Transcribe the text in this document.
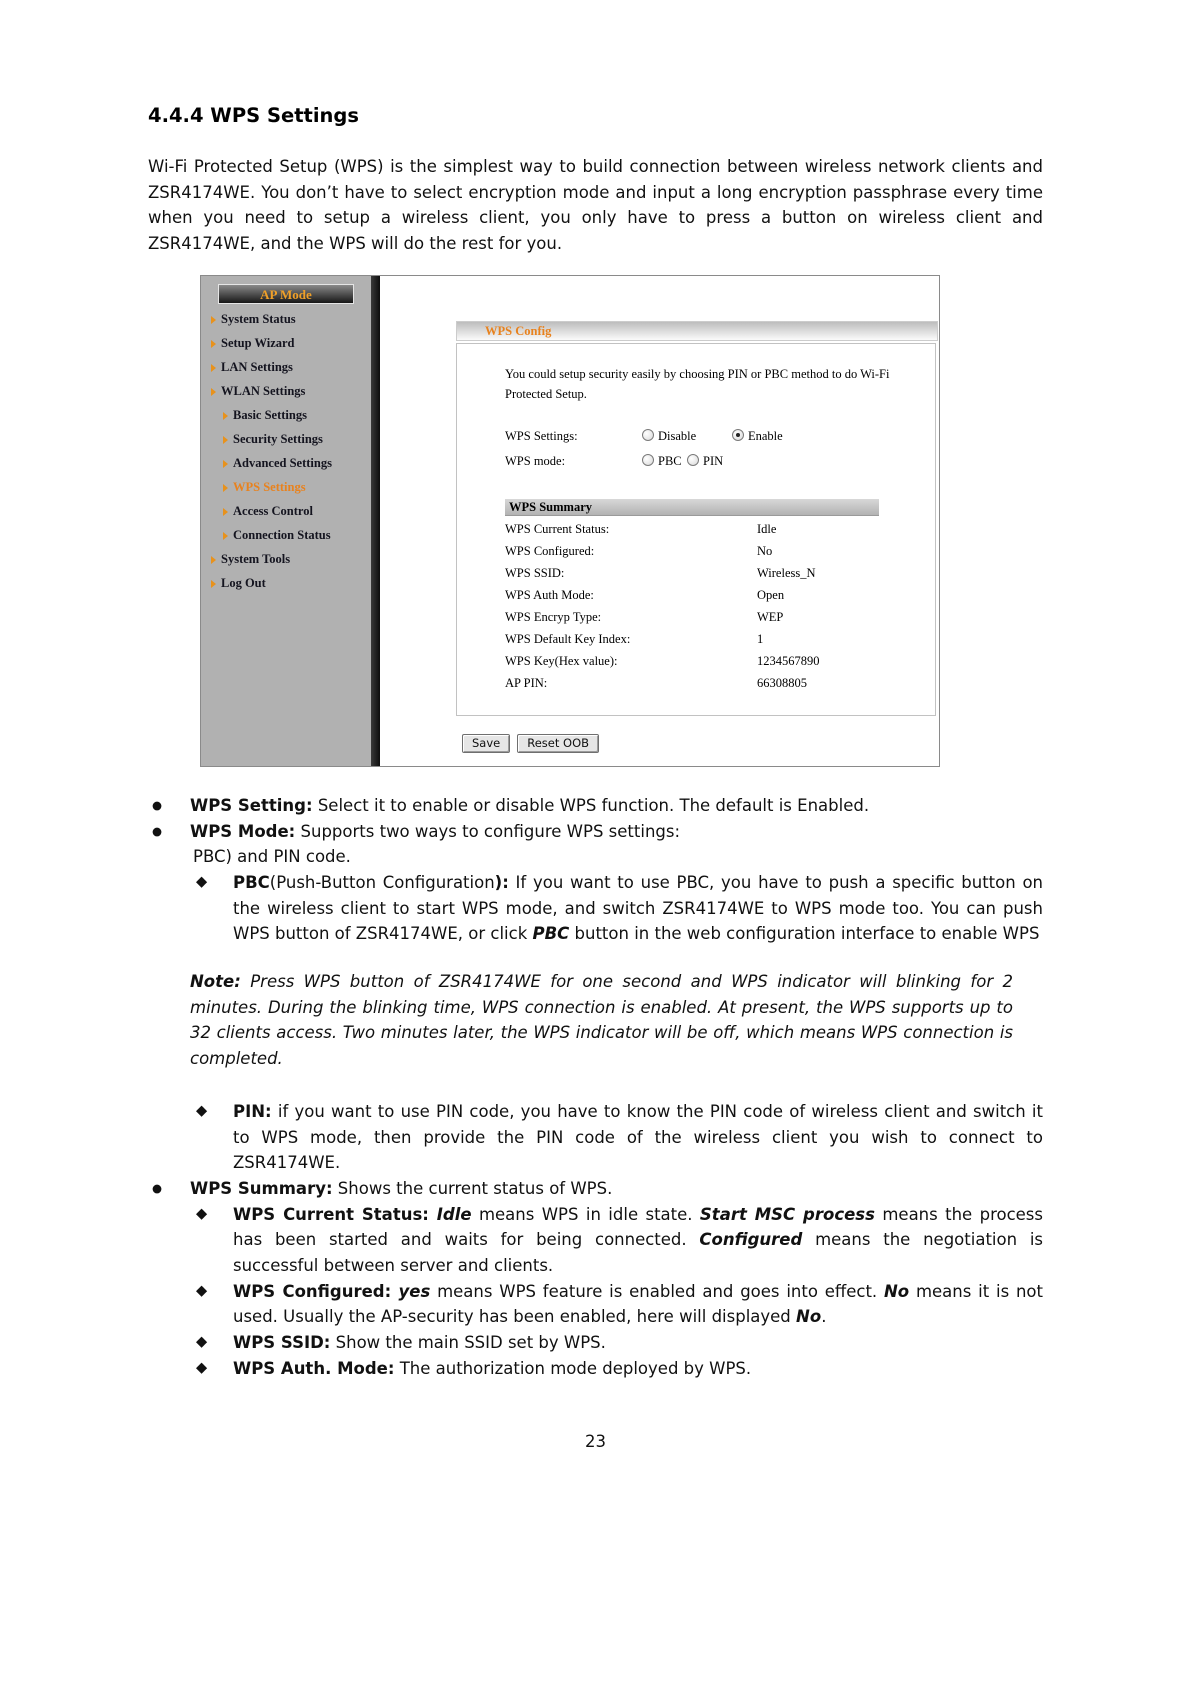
4.4.4 WPS Settings

Wi-Fi Protected Setup (WPS) is the simplest way to build connection between wireless network clients and ZSR4174WE. You don’t have to select encryption mode and input a long encryption passphrase every time when you need to setup a wireless client, you only have to press a button on wireless client and ZSR4174WE, and the WPS will do the rest for you.

AP Mode
System Status
Setup Wizard
LAN Settings
WLAN Settings
Basic Settings
Security Settings
Advanced Settings
WPS Settings
Access Control
Connection Status
System Tools
Log Out
WPS Config
You could setup security easily by choosing PIN or PBC method to do Wi-Fi Protected Setup.
WPS Settings:	Disable	Enable
WPS mode:	PBC PIN
WPS Summary
WPS Current Status:	Idle
WPS Configured:	No
WPS SSID:	Wireless_N
WPS Auth Mode:	Open
WPS Encryp Type:	WEP
WPS Default Key Index:	1
WPS Key(Hex value):	1234567890
AP PIN:	66308805
Save	Reset OOB
●	WPS Setting: Select it to enable or disable WPS function. The default is Enabled.
●	WPS Mode: Supports two ways to configure WPS settings:
PBC) and PIN code.
◆	PBC(Push-Button Configuration): If you want to use PBC, you have to push a specific button on the wireless client to start WPS mode, and switch ZSR4174WE to WPS mode too. You can push WPS button of ZSR4174WE, or click PBC button in the web configuration interface to enable WPS
Note: Press WPS button of ZSR4174WE for one second and WPS indicator will blinking for 2 minutes. During the blinking time, WPS connection is enabled. At present, the WPS supports up to 32 clients access. Two minutes later, the WPS indicator will be off, which means WPS connection is completed.
◆	PIN: if you want to use PIN code, you have to know the PIN code of wireless client and switch it to WPS mode, then provide the PIN code of the wireless client you wish to connect to ZSR4174WE.
●	WPS Summary: Shows the current status of WPS.
◆	WPS Current Status: Idle means WPS in idle state. Start MSC process means the process has been started and waits for being connected. Configured means the negotiation is successful between server and clients.
◆	WPS Configured: yes means WPS feature is enabled and goes into effect. No means it is not used. Usually the AP-security has been enabled, here will displayed No.
◆	WPS SSID: Show the main SSID set by WPS.
◆	WPS Auth. Mode: The authorization mode deployed by WPS.
23
